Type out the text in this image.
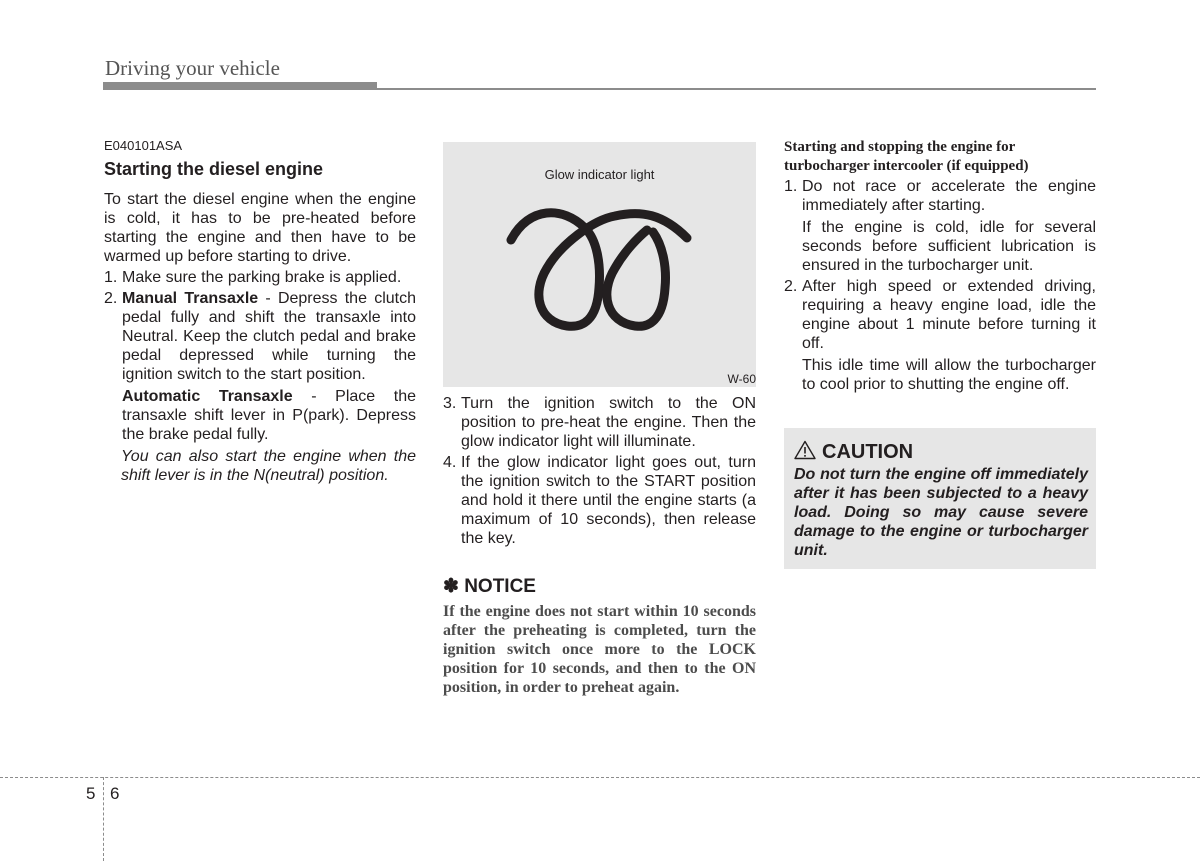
Driving your vehicle
E040101ASA
Starting the diesel engine
To start the diesel engine when the engine is cold, it has to be pre-heated before starting the engine and then have to be warmed up before starting to drive.
1. Make sure the parking brake is applied.
2. Manual Transaxle - Depress the clutch pedal fully and shift the transaxle into Neutral. Keep the clutch pedal and brake pedal depressed while turning the ignition switch to the start position.
Automatic Transaxle - Place the transaxle shift lever in P(park). Depress the brake pedal fully.
You can also start the engine when the shift lever is in the N(neutral) position.
Glow indicator light
W-60
3. Turn the ignition switch to the ON position to pre-heat the engine. Then the glow indicator light will illuminate.
4. If the glow indicator light goes out, turn the ignition switch to the START position and hold it there until the engine starts (a maximum of 10 seconds), then release the key.
✽ NOTICE
If the engine does not start within 10 seconds after the preheating is completed, turn the ignition switch once more to the LOCK position for 10 seconds, and then to the ON position, in order to preheat again.
Starting and stopping the engine for turbocharger intercooler (if equipped)
1. Do not race or accelerate the engine immediately after starting.
If the engine is cold, idle for several seconds before sufficient lubrication is ensured in the turbocharger unit.
2. After high speed or extended driving, requiring a heavy engine load, idle the engine about 1 minute before turning it off.
This idle time will allow the turbocharger to cool prior to shutting the engine off.
CAUTION
Do not turn the engine off immediately after it has been subjected to a heavy load. Doing so may cause severe damage to the engine or turbocharger unit.
5 6
